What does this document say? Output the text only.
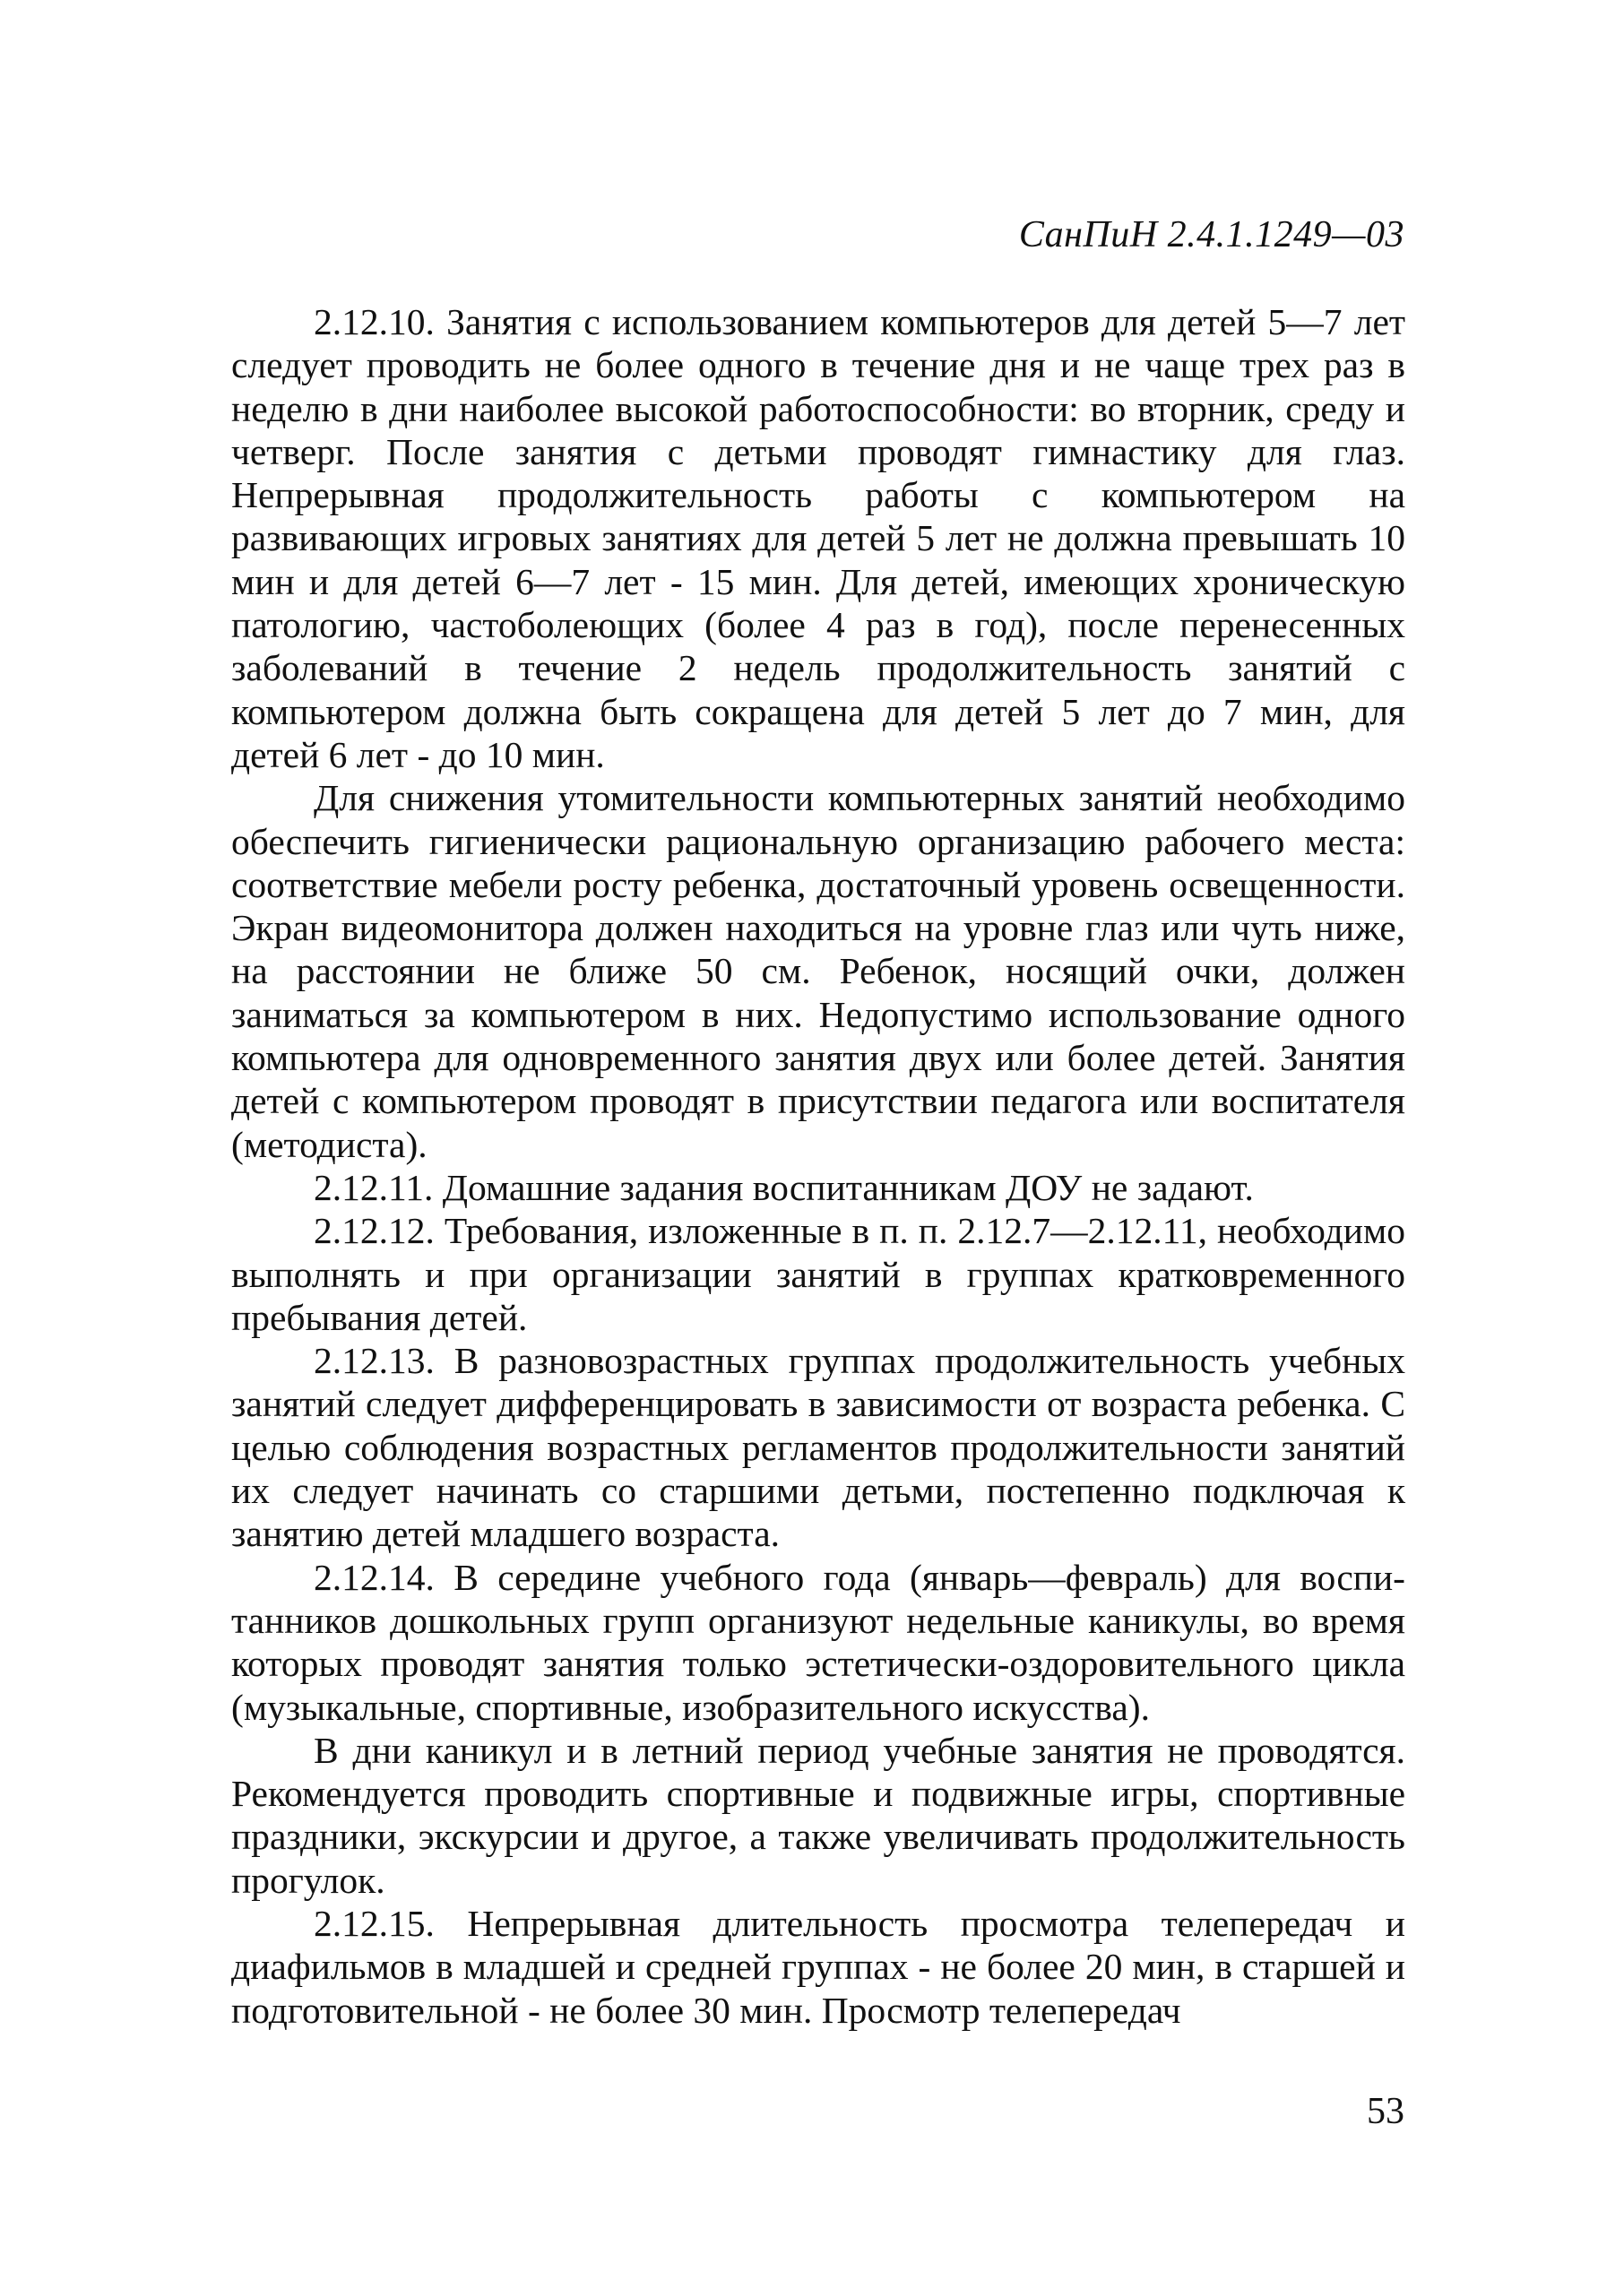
СанПиН 2.4.1.1249—03

2.12.10. Занятия с использованием компьютеров для детей 5—7 лет следует проводить не более одного в течение дня и не чаще трех раз в неделю в дни наиболее высокой работоспособности: во вторник, среду и четверг. После занятия с детьми проводят гимнастику для глаз. Непрерывная продолжительность работы с компьютером на развивающих игровых занятиях для детей 5 лет не должна превышать 10 мин и для детей 6—7 лет - 15 мин. Для детей, имеющих хроническую патологию, частоболеющих (более 4 раз в год), после перенесенных заболеваний в течение 2 недель продолжительность занятий с компьютером должна быть сокращена для детей 5 лет до 7 мин, для детей 6 лет - до 10 мин.

Для снижения утомительности компьютерных занятий необходимо обеспечить гигиенически рациональную организацию рабочего места: соответствие мебели росту ребенка, достаточный уровень освещенности. Экран видеомонитора должен находиться на уровне глаз или чуть ниже, на расстоянии не ближе 50 см. Ребенок, носящий очки, должен заниматься за компьютером в них. Недопустимо использование одного компьютера для одновременного занятия двух или более детей. Занятия детей с компьютером проводят в присутствии педагога или воспитателя (методиста).

2.12.11. Домашние задания воспитанникам ДОУ не задают.

2.12.12. Требования, изложенные в п. п. 2.12.7—2.12.11, необходимо выполнять и при организации занятий в группах кратковременного пребывания детей.

2.12.13. В разновозрастных группах продолжительность учебных занятий следует дифференцировать в зависимости от возраста ребенка. С целью соблюдения возрастных регламентов продолжительности занятий их следует начинать со старшими детьми, постепенно подключая к занятию детей младшего возраста.

2.12.14. В середине учебного года (январь—февраль) для воспитанников дошкольных групп организуют недельные каникулы, во время которых проводят занятия только эстетически-оздоровительного цикла (музыкальные, спортивные, изобразительного искусства).

В дни каникул и в летний период учебные занятия не проводятся. Рекомендуется проводить спортивные и подвижные игры, спортивные праздники, экскурсии и другое, а также увеличивать продолжительность прогулок.

2.12.15. Непрерывная длительность просмотра телепередач и диафильмов в младшей и средней группах - не более 20 мин, в старшей и подготовительной - не более 30 мин. Просмотр телепередач

53
